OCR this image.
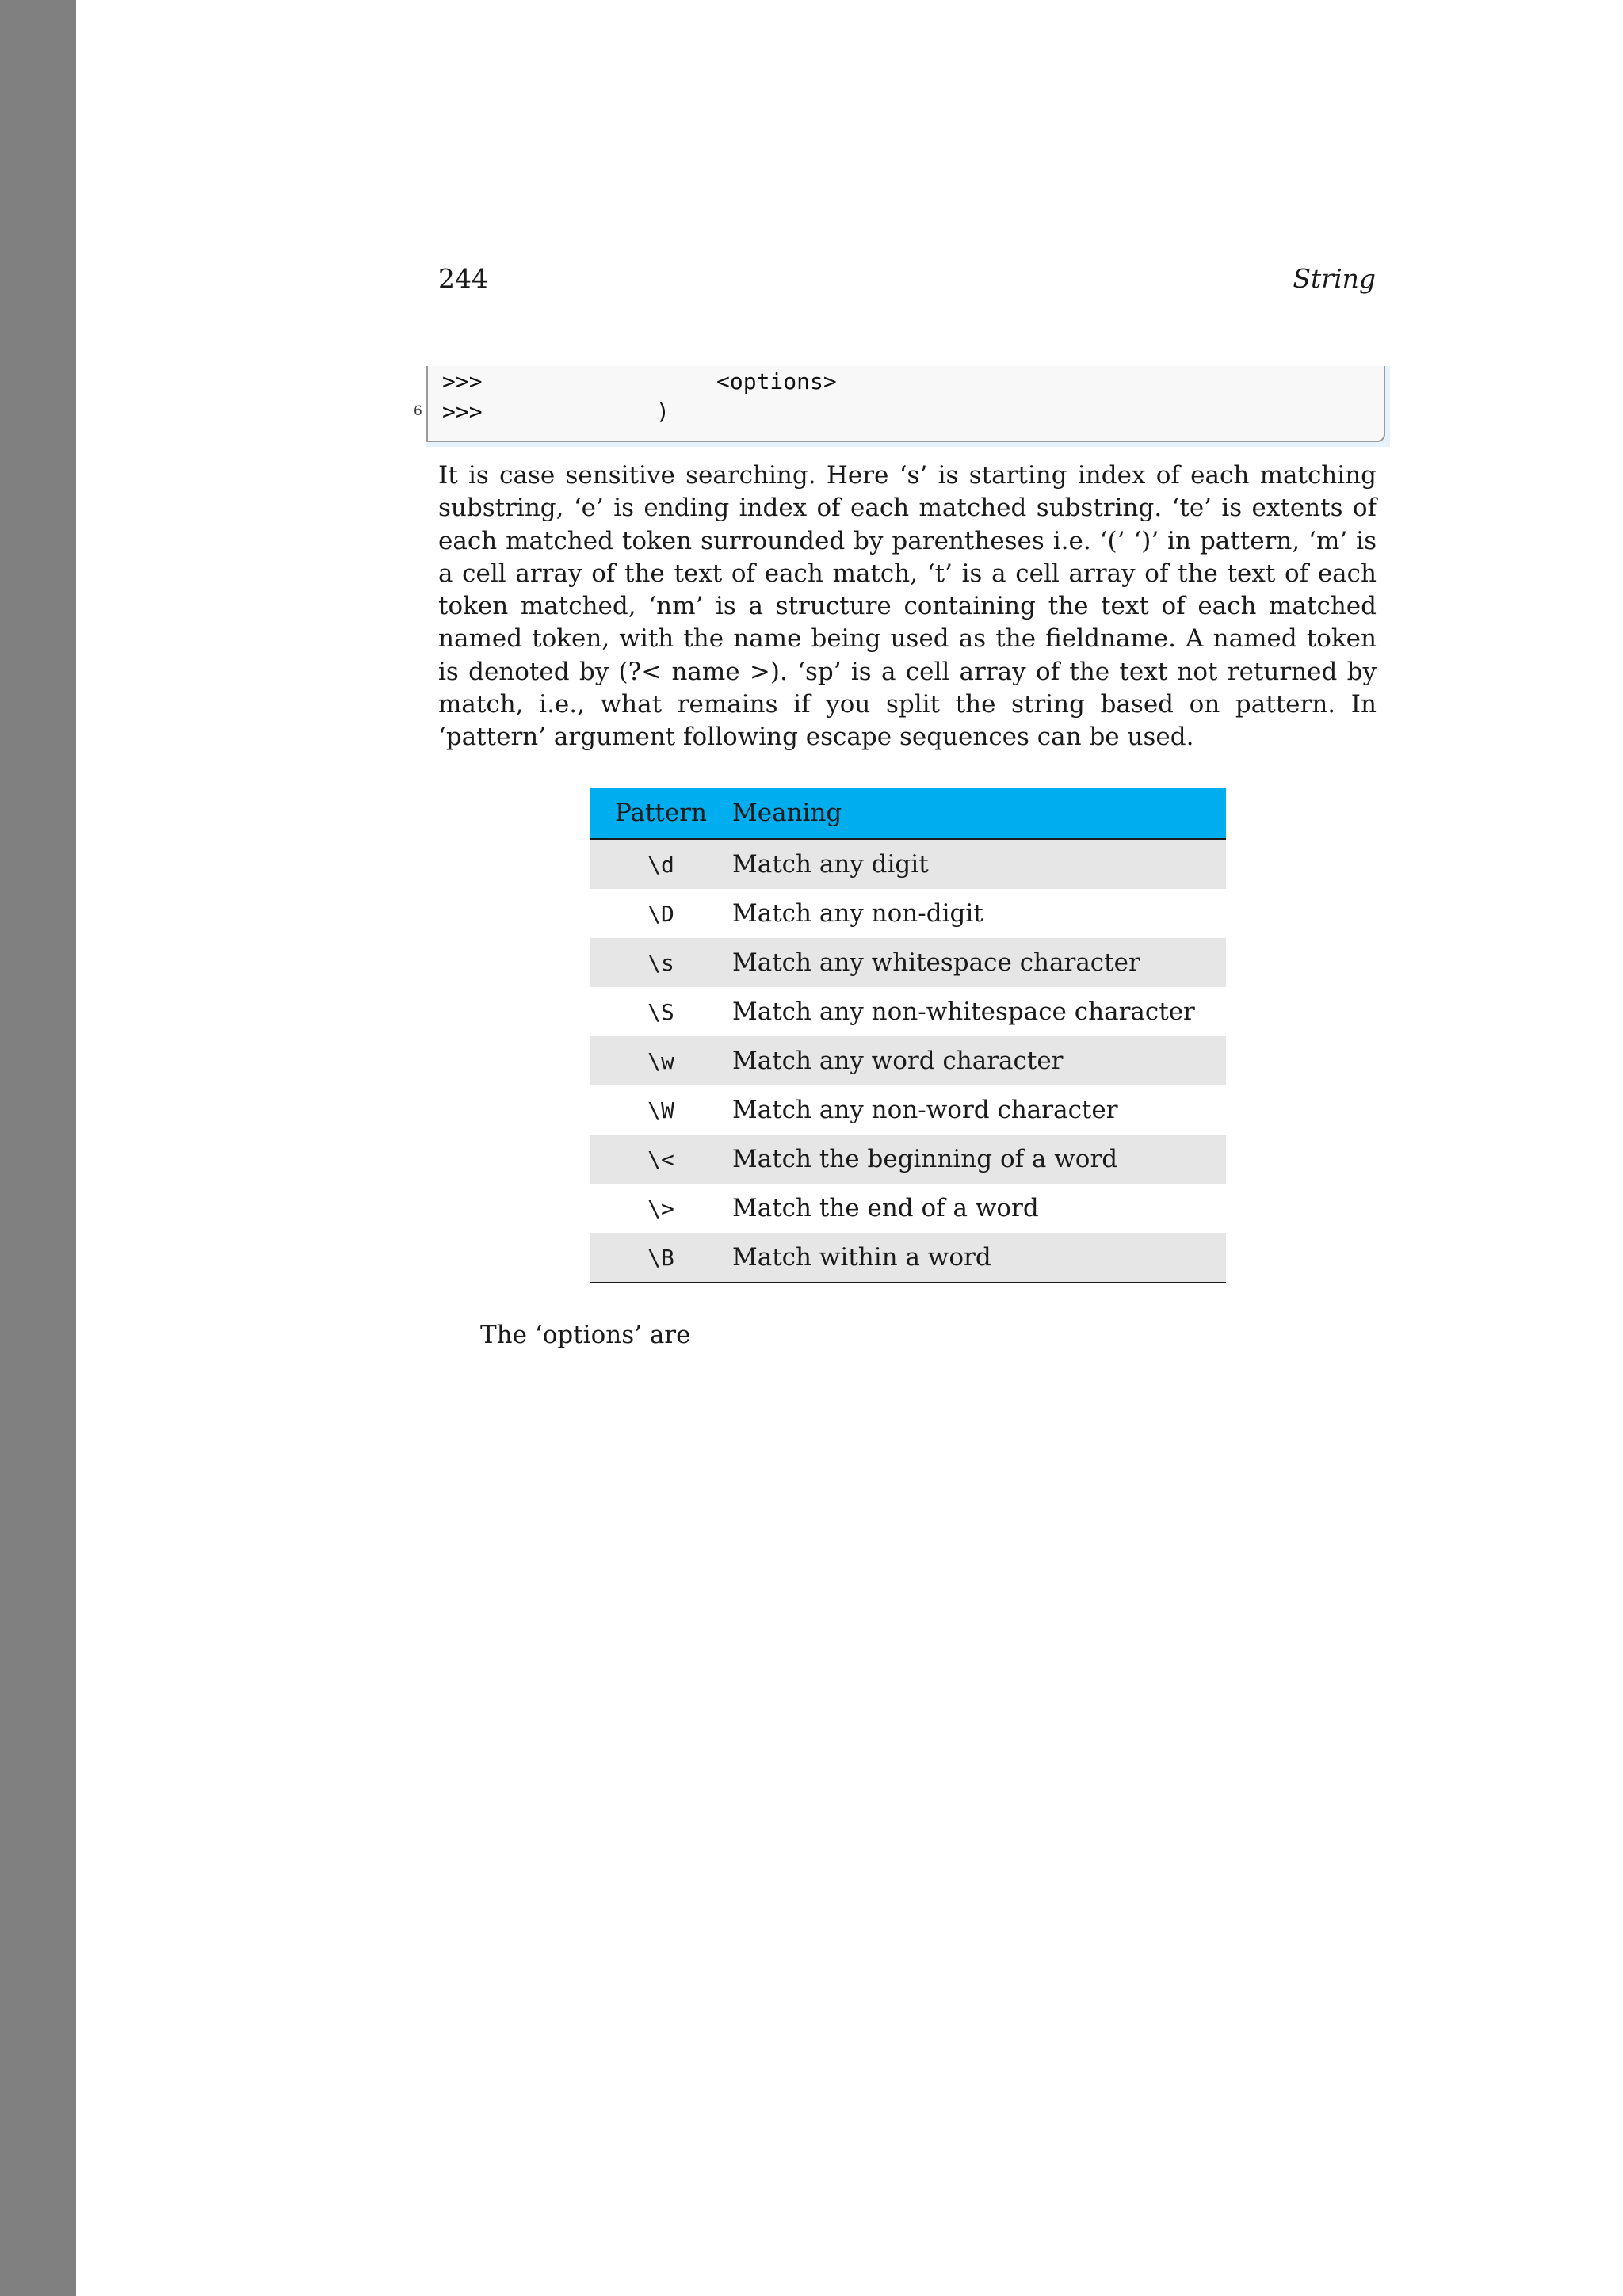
244	String
>>>	<options>
>>>	)
6

It is case sensitive searching. Here ‘s’ is starting index of each matching substring, ‘e’ is ending index of each matched substring. ‘te’ is extents of each matched token surrounded by parentheses i.e. ‘(’ ‘)’ in pattern, ‘m’ is a cell array of the text of each match, ‘t’ is a cell array of the text of each token matched, ‘nm’ is a structure containing the text of each matched named token, with the name being used as the fieldname. A named token is denoted by (?< name >). ‘sp’ is a cell array of the text not returned by match, i.e., what remains if you split the string based on pattern. In ‘pattern’ argument following escape sequences can be used.

Pattern	Meaning
\d	Match any digit
\D	Match any non-digit
\s	Match any whitespace character
\S	Match any non-whitespace character
\w	Match any word character
\W	Match any non-word character
\<	Match the beginning of a word
\>	Match the end of a word
\B	Match within a word
The ‘options’ are
